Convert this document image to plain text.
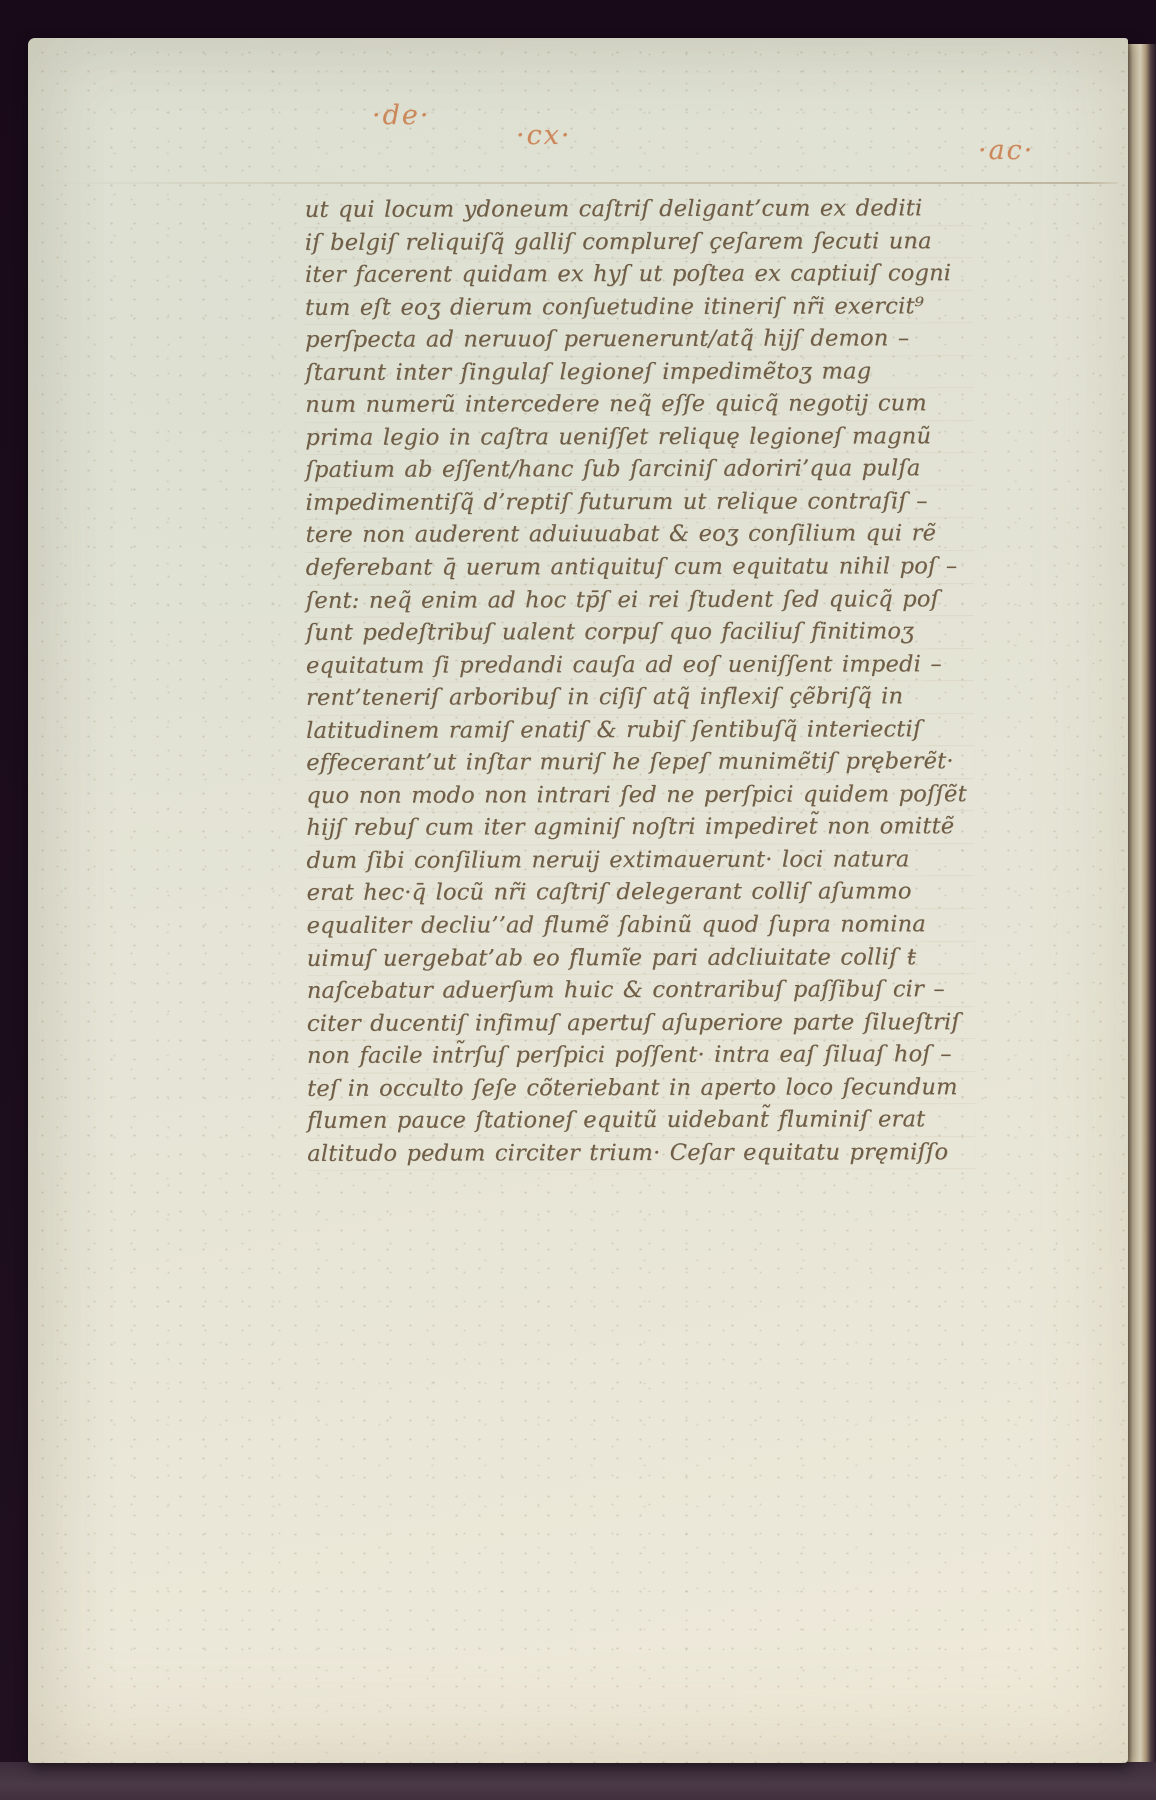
·de·
·cx·	·ac·
ut qui locum ydoneum caſtriſ deligant’cum ex dediti
iſ belgiſ reliquiſq̃ galliſ complureſ çeſarem ſecuti una
iter facerent quidam ex hyſ ut poſtea ex captiuiſ cogni
tum eſt eoʒ dierum conſuetudine itineriſ nr̃i exercit⁹
perſpecta ad neruuoſ peruenerunt/atq̃ hijſ demon –
ſtarunt inter ſingulaſ legioneſ impedimẽtoʒ mag
num numerũ intercedere neq̃ eſſe quicq̃ negotij cum
prima legio in caſtra ueniſſet reliquę legioneſ magnũ
ſpatium ab eſſent/hanc ſub ſarciniſ adoriri’qua pulſa
impedimentiſq̃ d’reptiſ futurum ut relique contraſiſ –
tere non auderent aduiuuabat & eoʒ conſilium qui rẽ
deferebant q̄ uerum antiquituſ cum equitatu nihil poſ –
ſent: neq̃ enim ad hoc tp̄ſ ei rei ſtudent ſed quicq̃ poſ
ſunt pedeſtribuſ ualent corpuſ quo faciliuſ finitimoʒ
equitatum ſi predandi cauſa ad eoſ ueniſſent impedi –
rent’teneriſ arboribuſ in ciſiſ atq̃ inflexiſ çẽbriſq̃ in
latitudinem ramiſ enatiſ & rubiſ ſentibuſq̃ interiectiſ
effecerant’ut inſtar muriſ he ſepeſ munimẽtiſ pręberẽt·
quo non modo non intrari ſed ne perſpici quidem poſſẽt
hijſ rebuſ cum iter agminiſ noſtri impediret̃ non omittẽ
dum ſibi conſilium neruij extimauerunt· loci natura
erat hec·q̄ locũ nr̃i caſtriſ delegerant colliſ aſummo
equaliter decliu’’ad flumẽ ſabinũ quod ſupra nomina
uimuſ uergebat’ab eo flumĩe pari adcliuitate colliſ ŧ
naſcebatur aduerſum huic & contraribuſ paſſibuſ cir –
citer ducentiſ infimuſ apertuſ aſuperiore parte ſilueſtriſ
non facile int̃rſuſ perſpici poſſent· intra eaſ ſiluaſ hoſ –
teſ in occulto ſeſe cõteriebant in aperto loco ſecundum
flumen pauce ſtationeſ equitũ uidebant̃ fluminiſ erat
altitudo pedum circiter trium· Ceſar equitatu pręmiſſo
